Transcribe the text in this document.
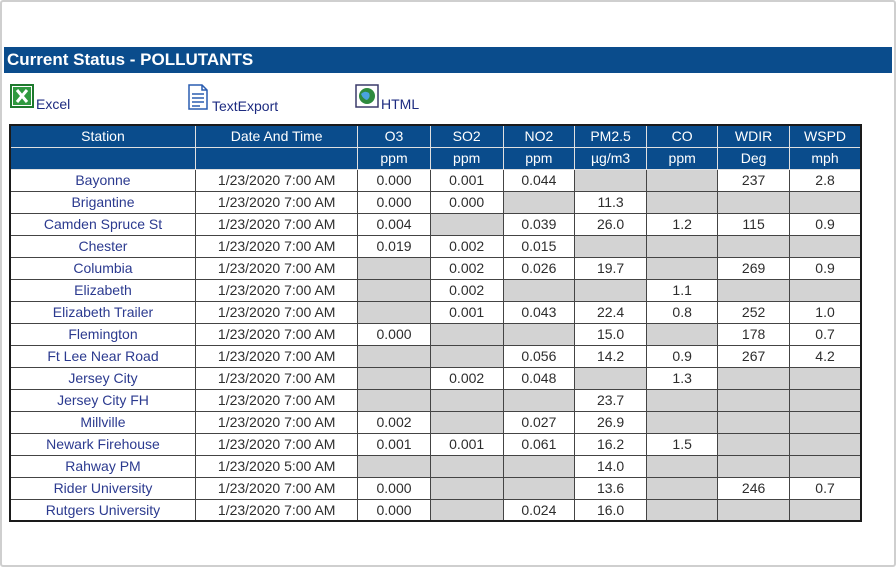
Current Status - POLLUTANTS
Excel	TextExport	HTML
Station	Date And Time	O3	SO2	NO2	PM2.5	CO	WDIR	WSPD
		ppm	ppm	ppm	µg/m3	ppm	Deg	mph
Bayonne	1/23/2020 7:00 AM	0.000	0.001	0.044			237	2.8
Brigantine	1/23/2020 7:00 AM	0.000	0.000		11.3			
Camden Spruce St	1/23/2020 7:00 AM	0.004		0.039	26.0	1.2	115	0.9
Chester	1/23/2020 7:00 AM	0.019	0.002	0.015				
Columbia	1/23/2020 7:00 AM		0.002	0.026	19.7		269	0.9
Elizabeth	1/23/2020 7:00 AM		0.002			1.1		
Elizabeth Trailer	1/23/2020 7:00 AM		0.001	0.043	22.4	0.8	252	1.0
Flemington	1/23/2020 7:00 AM	0.000			15.0		178	0.7
Ft Lee Near Road	1/23/2020 7:00 AM			0.056	14.2	0.9	267	4.2
Jersey City	1/23/2020 7:00 AM		0.002	0.048		1.3		
Jersey City FH	1/23/2020 7:00 AM				23.7			
Millville	1/23/2020 7:00 AM	0.002		0.027	26.9			
Newark Firehouse	1/23/2020 7:00 AM	0.001	0.001	0.061	16.2	1.5		
Rahway PM	1/23/2020 5:00 AM				14.0			
Rider University	1/23/2020 7:00 AM	0.000			13.6		246	0.7
Rutgers University	1/23/2020 7:00 AM	0.000		0.024	16.0			
